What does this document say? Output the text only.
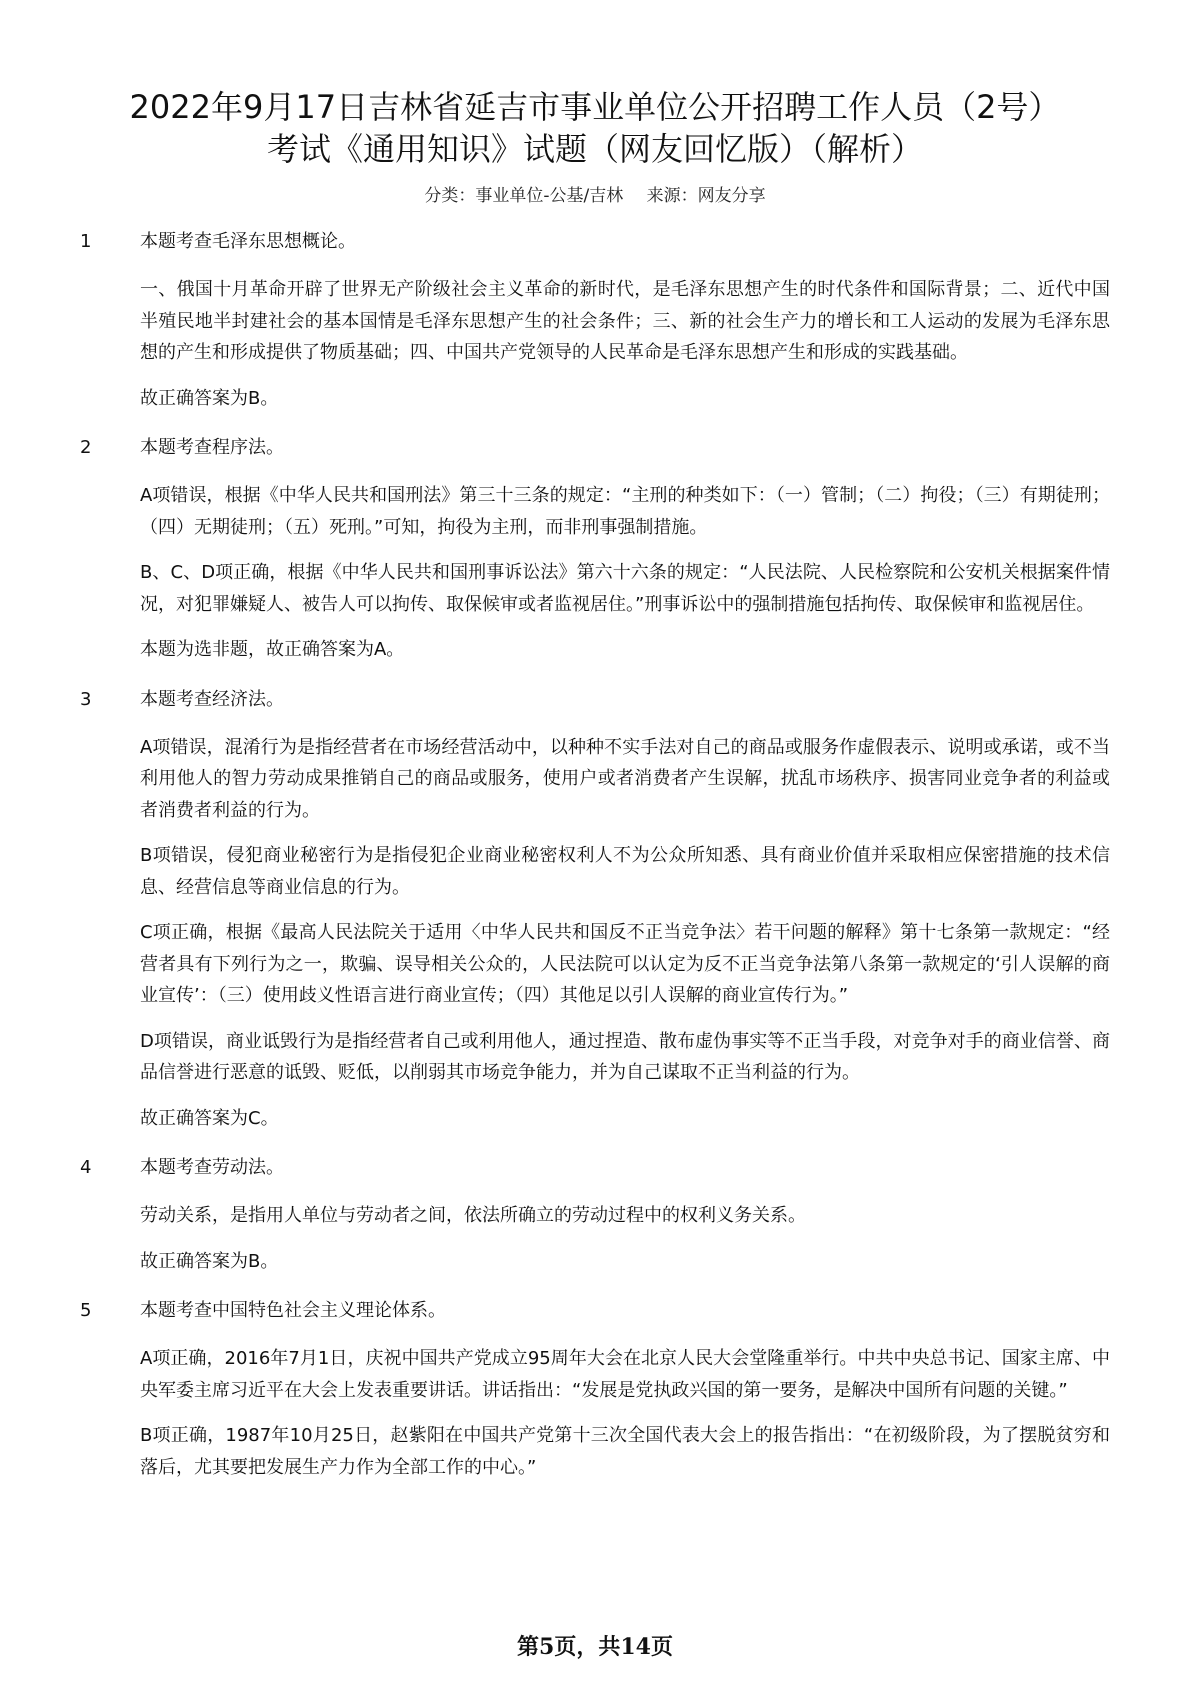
2022年9月17日吉林省延吉市事业单位公开招聘工作人员（2号）
考试《通用知识》试题（网友回忆版）（解析）
分类：事业单位-公基/吉林 来源：网友分享
1	本题考查毛泽东思想概论。

一、俄国十月革命开辟了世界无产阶级社会主义革命的新时代，是毛泽东思想产生的时代条件和国际背景；二、近代中国半殖民地半封建社会的基本国情是毛泽东思想产生的社会条件；三、新的社会生产力的增长和工人运动的发展为毛泽东思想的产生和形成提供了物质基础；四、中国共产党领导的人民革命是毛泽东思想产生和形成的实践基础。

故正确答案为B。

2	本题考查程序法。

A项错误，根据《中华人民共和国刑法》第三十三条的规定：“主刑的种类如下：（一）管制；（二）拘役；（三）有期徒刑；（四）无期徒刑；（五）死刑。”可知，拘役为主刑，而非刑事强制措施。

B、C、D项正确，根据《中华人民共和国刑事诉讼法》第六十六条的规定：“人民法院、人民检察院和公安机关根据案件情况，对犯罪嫌疑人、被告人可以拘传、取保候审或者监视居住。”刑事诉讼中的强制措施包括拘传、取保候审和监视居住。

本题为选非题，故正确答案为A。

3	本题考查经济法。

A项错误，混淆行为是指经营者在市场经营活动中，以种种不实手法对自己的商品或服务作虚假表示、说明或承诺，或不当利用他人的智力劳动成果推销自己的商品或服务，使用户或者消费者产生误解，扰乱市场秩序、损害同业竞争者的利益或者消费者利益的行为。

B项错误，侵犯商业秘密行为是指侵犯企业商业秘密权利人不为公众所知悉、具有商业价值并采取相应保密措施的技术信息、经营信息等商业信息的行为。

C项正确，根据《最高人民法院关于适用〈中华人民共和国反不正当竞争法〉若干问题的解释》第十七条第一款规定：“经营者具有下列行为之一，欺骗、误导相关公众的，人民法院可以认定为反不正当竞争法第八条第一款规定的‘引人误解的商业宣传’：（三）使用歧义性语言进行商业宣传；（四）其他足以引人误解的商业宣传行为。”

D项错误，商业诋毁行为是指经营者自己或利用他人，通过捏造、散布虚伪事实等不正当手段，对竞争对手的商业信誉、商品信誉进行恶意的诋毁、贬低，以削弱其市场竞争能力，并为自己谋取不正当利益的行为。

故正确答案为C。

4	本题考查劳动法。

劳动关系，是指用人单位与劳动者之间，依法所确立的劳动过程中的权利义务关系。

故正确答案为B。

5	本题考查中国特色社会主义理论体系。

A项正确，2016年7月1日，庆祝中国共产党成立95周年大会在北京人民大会堂隆重举行。中共中央总书记、国家主席、中央军委主席习近平在大会上发表重要讲话。讲话指出：“发展是党执政兴国的第一要务，是解决中国所有问题的关键。”

B项正确，1987年10月25日，赵紫阳在中国共产党第十三次全国代表大会上的报告指出：“在初级阶段，为了摆脱贫穷和落后，尤其要把发展生产力作为全部工作的中心。”

第5页，共14页
